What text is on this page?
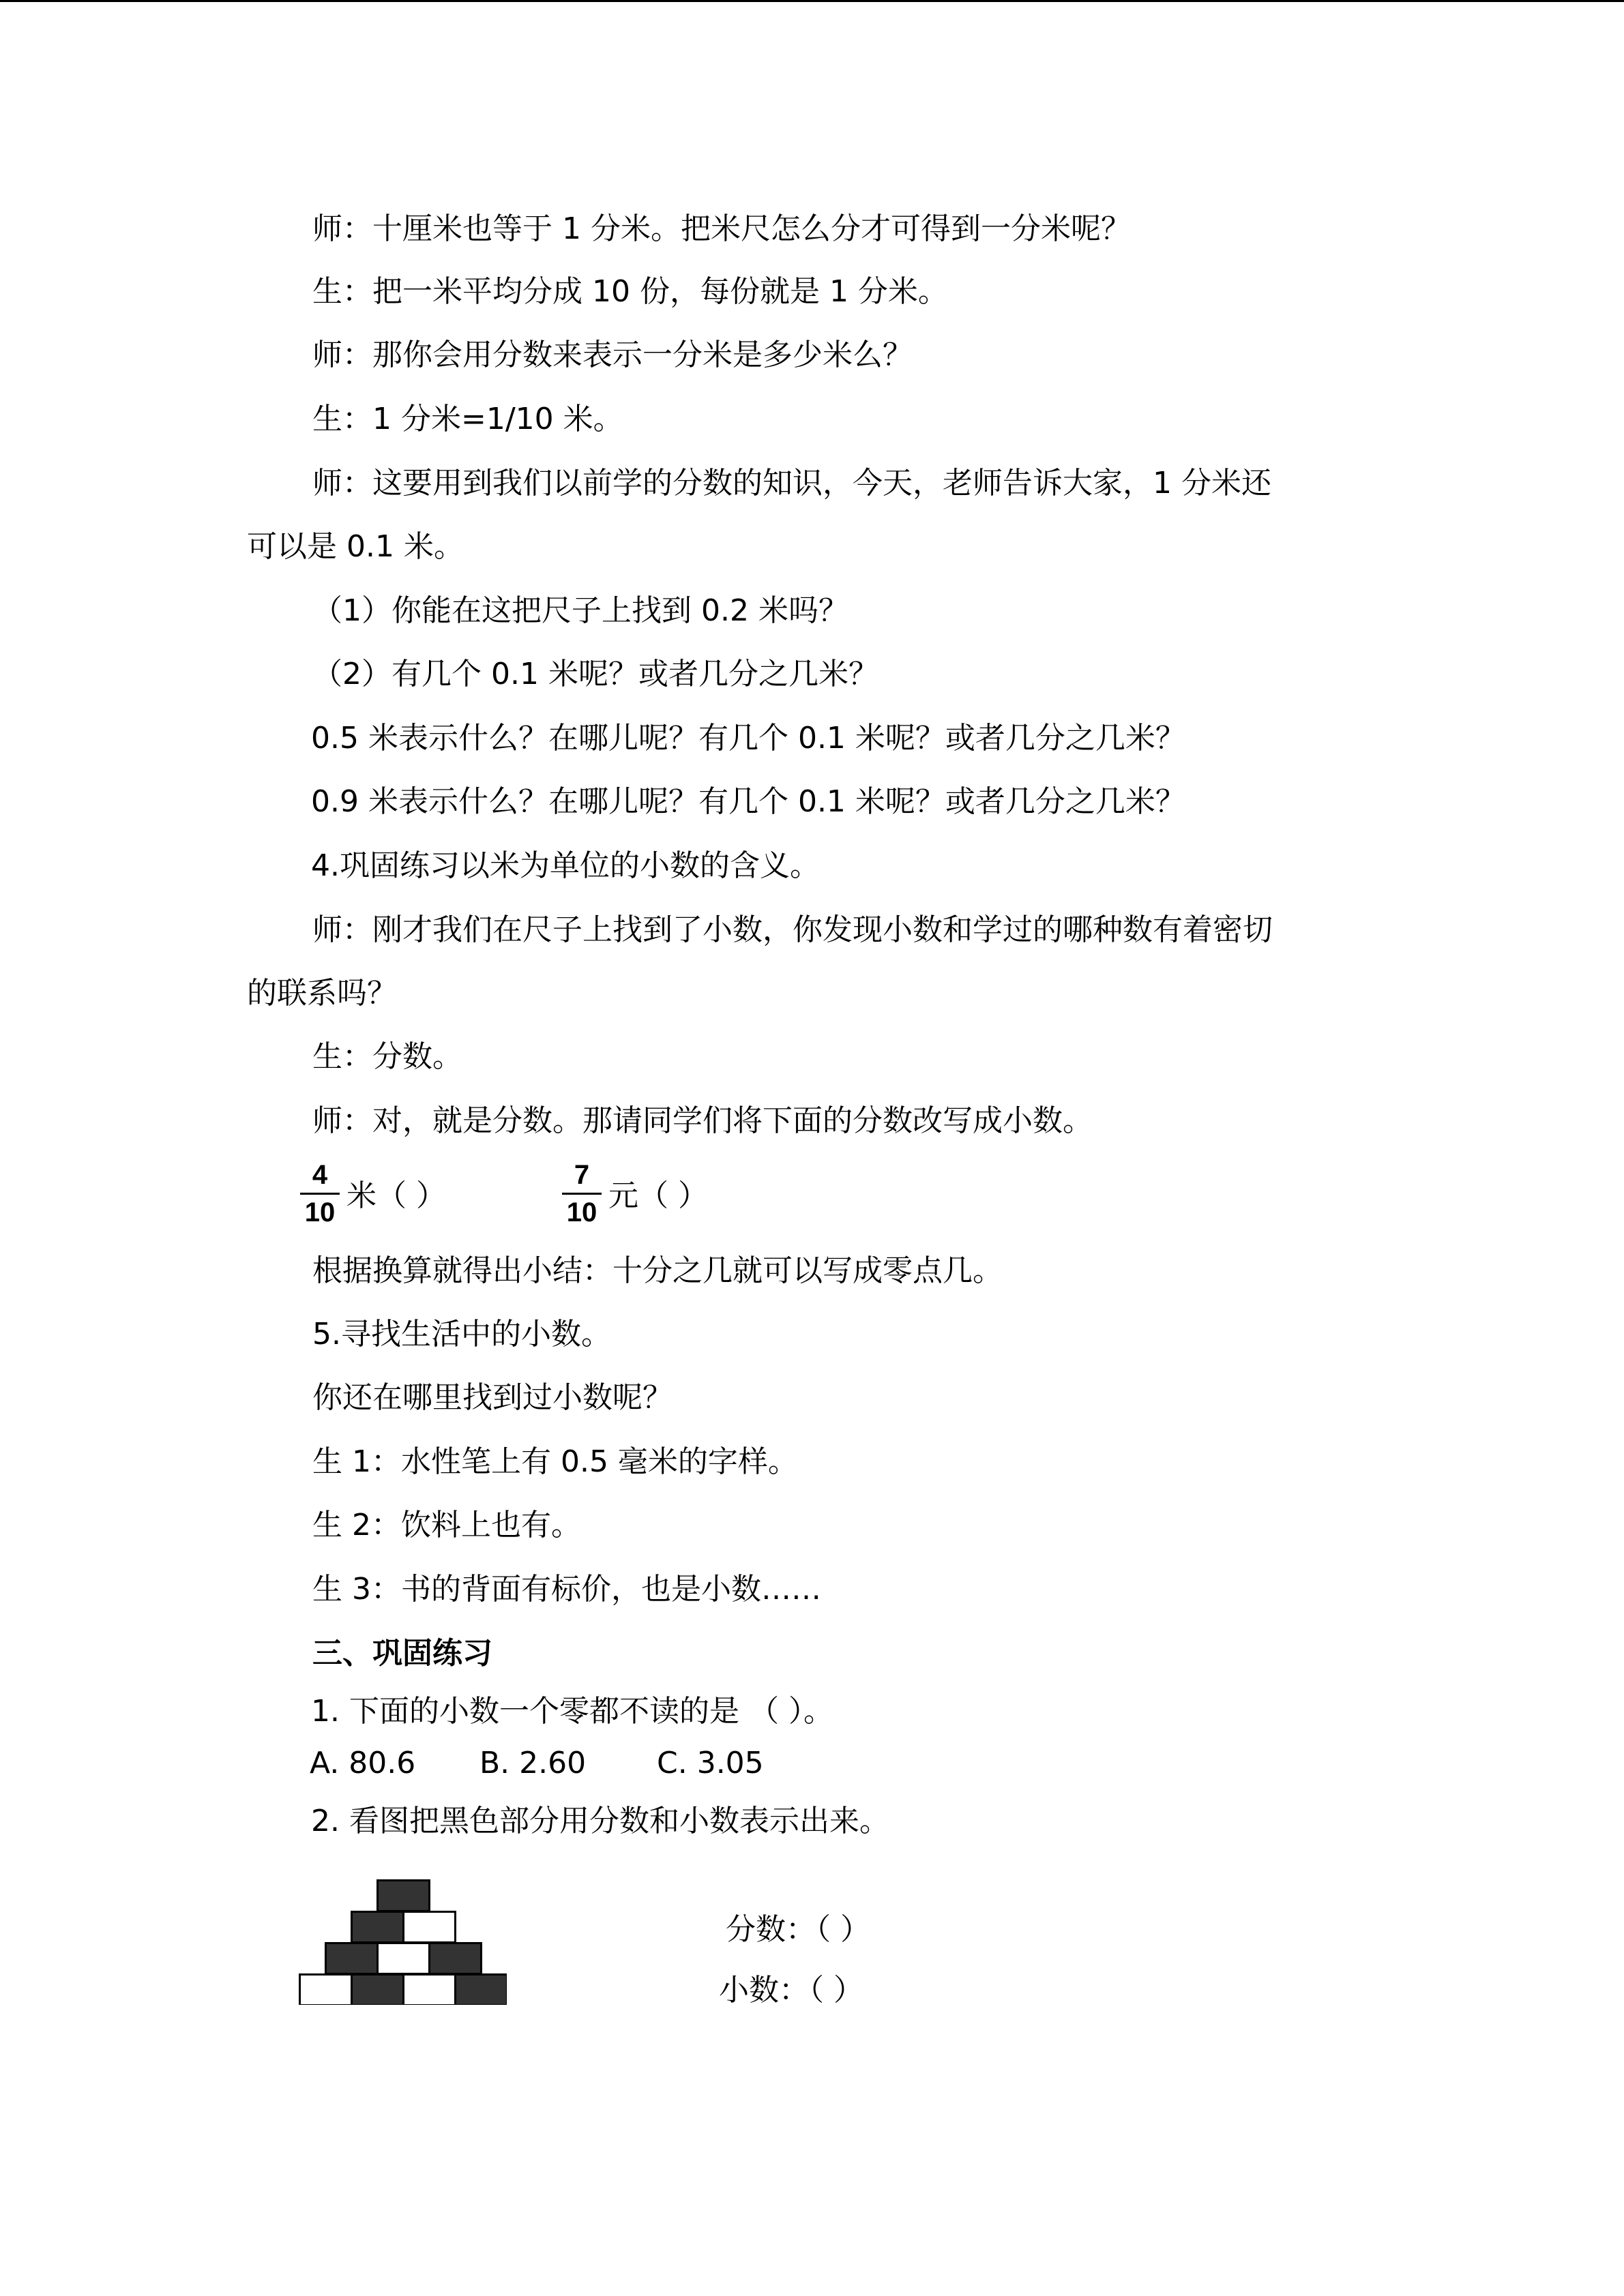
师：十厘米也等于 1 分米。把米尺怎么分才可得到一分米呢？
生：把一米平均分成 10 份，每份就是 1 分米。
师：那你会用分数来表示一分米是多少米么？
生：1 分米=1/10 米。
师：这要用到我们以前学的分数的知识，今天，老师告诉大家，1 分米还
可以是 0.1 米。
（1）你能在这把尺子上找到 0.2 米吗？
（2）有几个 0.1 米呢？或者几分之几米？
0.5 米表示什么？在哪儿呢？有几个 0.1 米呢？或者几分之几米？
0.9 米表示什么？在哪儿呢？有几个 0.1 米呢？或者几分之几米？
4.巩固练习以米为单位的小数的含义。
师：刚才我们在尺子上找到了小数，你发现小数和学过的哪种数有着密切
的联系吗？
生：分数。
师：对，就是分数。那请同学们将下面的分数改写成小数。
4
10 米（ ）
7
10 元（ ）
根据换算就得出小结：十分之几就可以写成零点几。
5.寻找生活中的小数。
你还在哪里找到过小数呢？
生 1：水性笔上有 0.5 毫米的字样。
生 2：饮料上也有。
生 3：书的背面有标价，也是小数……
三、巩固练习
1. 下面的小数一个零都不读的是 （ ）。
A. 80.6 B. 2.60 C. 3.05
2. 看图把黑色部分用分数和小数表示出来。
分数：（ ）
小数：（ ）
